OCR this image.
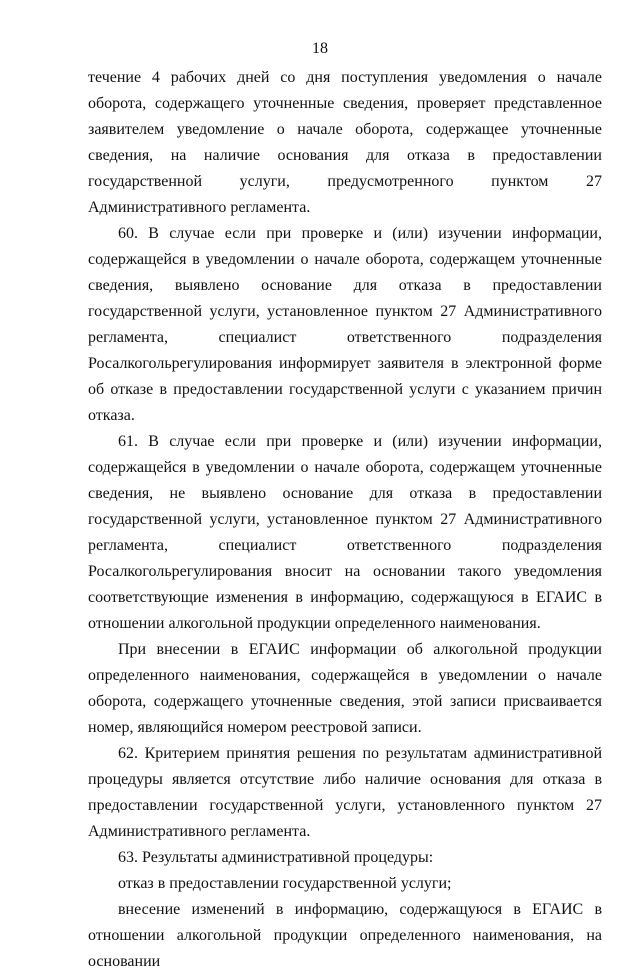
18

течение 4 рабочих дней со дня поступления уведомления о начале оборота, содержащего уточненные сведения, проверяет представленное заявителем уведомление о начале оборота, содержащее уточненные сведения, на наличие основания для отказа в предоставлении государственной услуги, предусмотренного пунктом 27 Административного регламента.

60. В случае если при проверке и (или) изучении информации, содержащейся в уведомлении о начале оборота, содержащем уточненные сведения, выявлено основание для отказа в предоставлении государственной услуги, установленное пунктом 27 Административного регламента, специалист ответственного подразделения Росалкогольрегулирования информирует заявителя в электронной форме об отказе в предоставлении государственной услуги с указанием причин отказа.

61. В случае если при проверке и (или) изучении информации, содержащейся в уведомлении о начале оборота, содержащем уточненные сведения, не выявлено основание для отказа в предоставлении государственной услуги, установленное пунктом 27 Административного регламента, специалист ответственного подразделения Росалкогольрегулирования вносит на основании такого уведомления соответствующие изменения в информацию, содержащуюся в ЕГАИС в отношении алкогольной продукции определенного наименования.

При внесении в ЕГАИС информации об алкогольной продукции определенного наименования, содержащейся в уведомлении о начале оборота, содержащего уточненные сведения, этой записи присваивается номер, являющийся номером реестровой записи.

62. Критерием принятия решения по результатам административной процедуры является отсутствие либо наличие основания для отказа в предоставлении государственной услуги, установленного пунктом 27 Административного регламента.

63. Результаты административной процедуры:

отказ в предоставлении государственной услуги;

внесение изменений в информацию, содержащуюся в ЕГАИС в отношении алкогольной продукции определенного наименования, на основании
